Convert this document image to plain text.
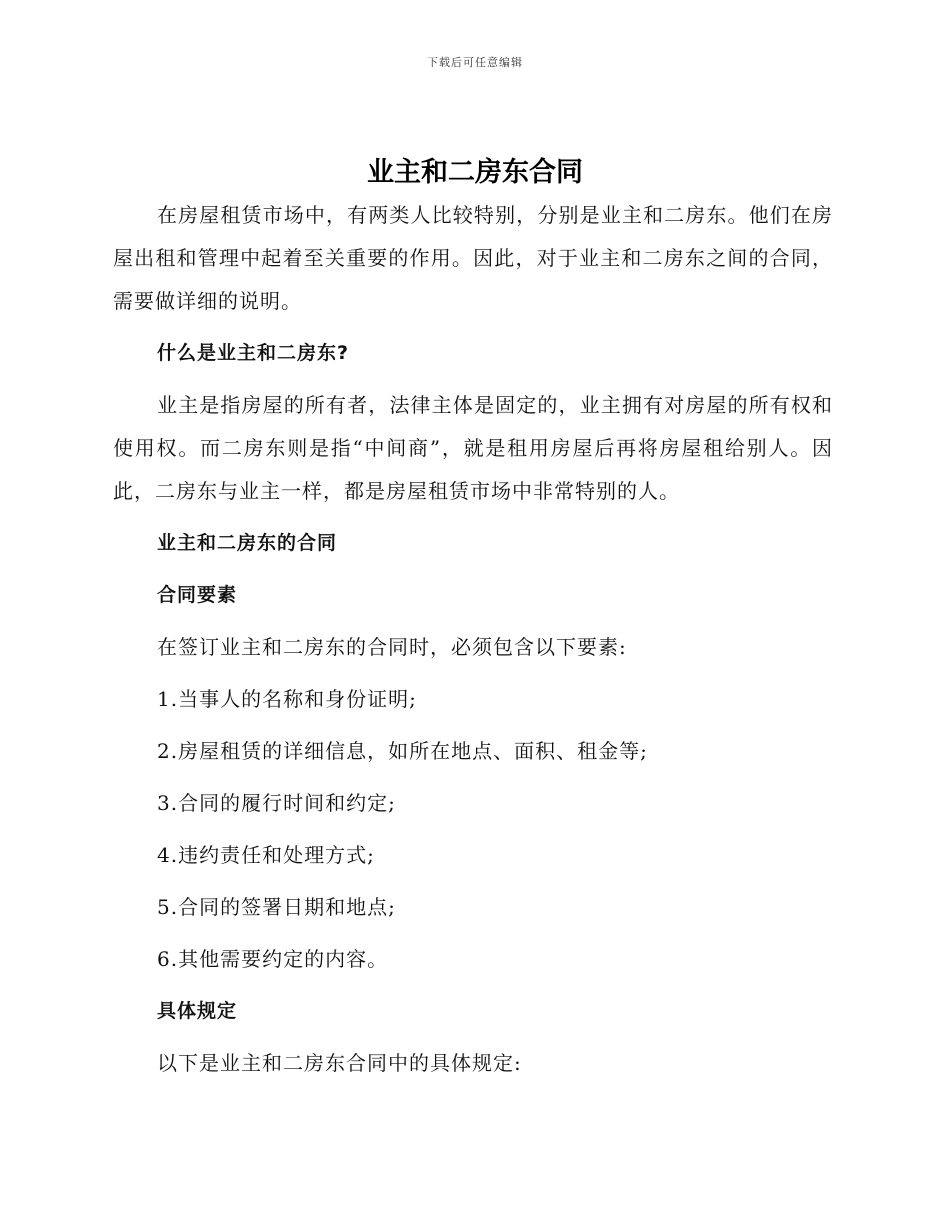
下载后可任意编辑
业主和二房东合同

在房屋租赁市场中，有两类人比较特别，分别是业主和二房东。他们在房屋出租和管理中起着至关重要的作用。因此，对于业主和二房东之间的合同，需要做详细的说明。

什么是业主和二房东?

业主是指房屋的所有者，法律主体是固定的，业主拥有对房屋的所有权和使用权。而二房东则是指“中间商”，就是租用房屋后再将房屋租给别人。因此，二房东与业主一样，都是房屋租赁市场中非常特别的人。

业主和二房东的合同

合同要素

在签订业主和二房东的合同时，必须包含以下要素:

1.当事人的名称和身份证明;

2.房屋租赁的详细信息，如所在地点、面积、租金等;

3.合同的履行时间和约定;

4.违约责任和处理方式;

5.合同的签署日期和地点;

6.其他需要约定的内容。

具体规定

以下是业主和二房东合同中的具体规定:
